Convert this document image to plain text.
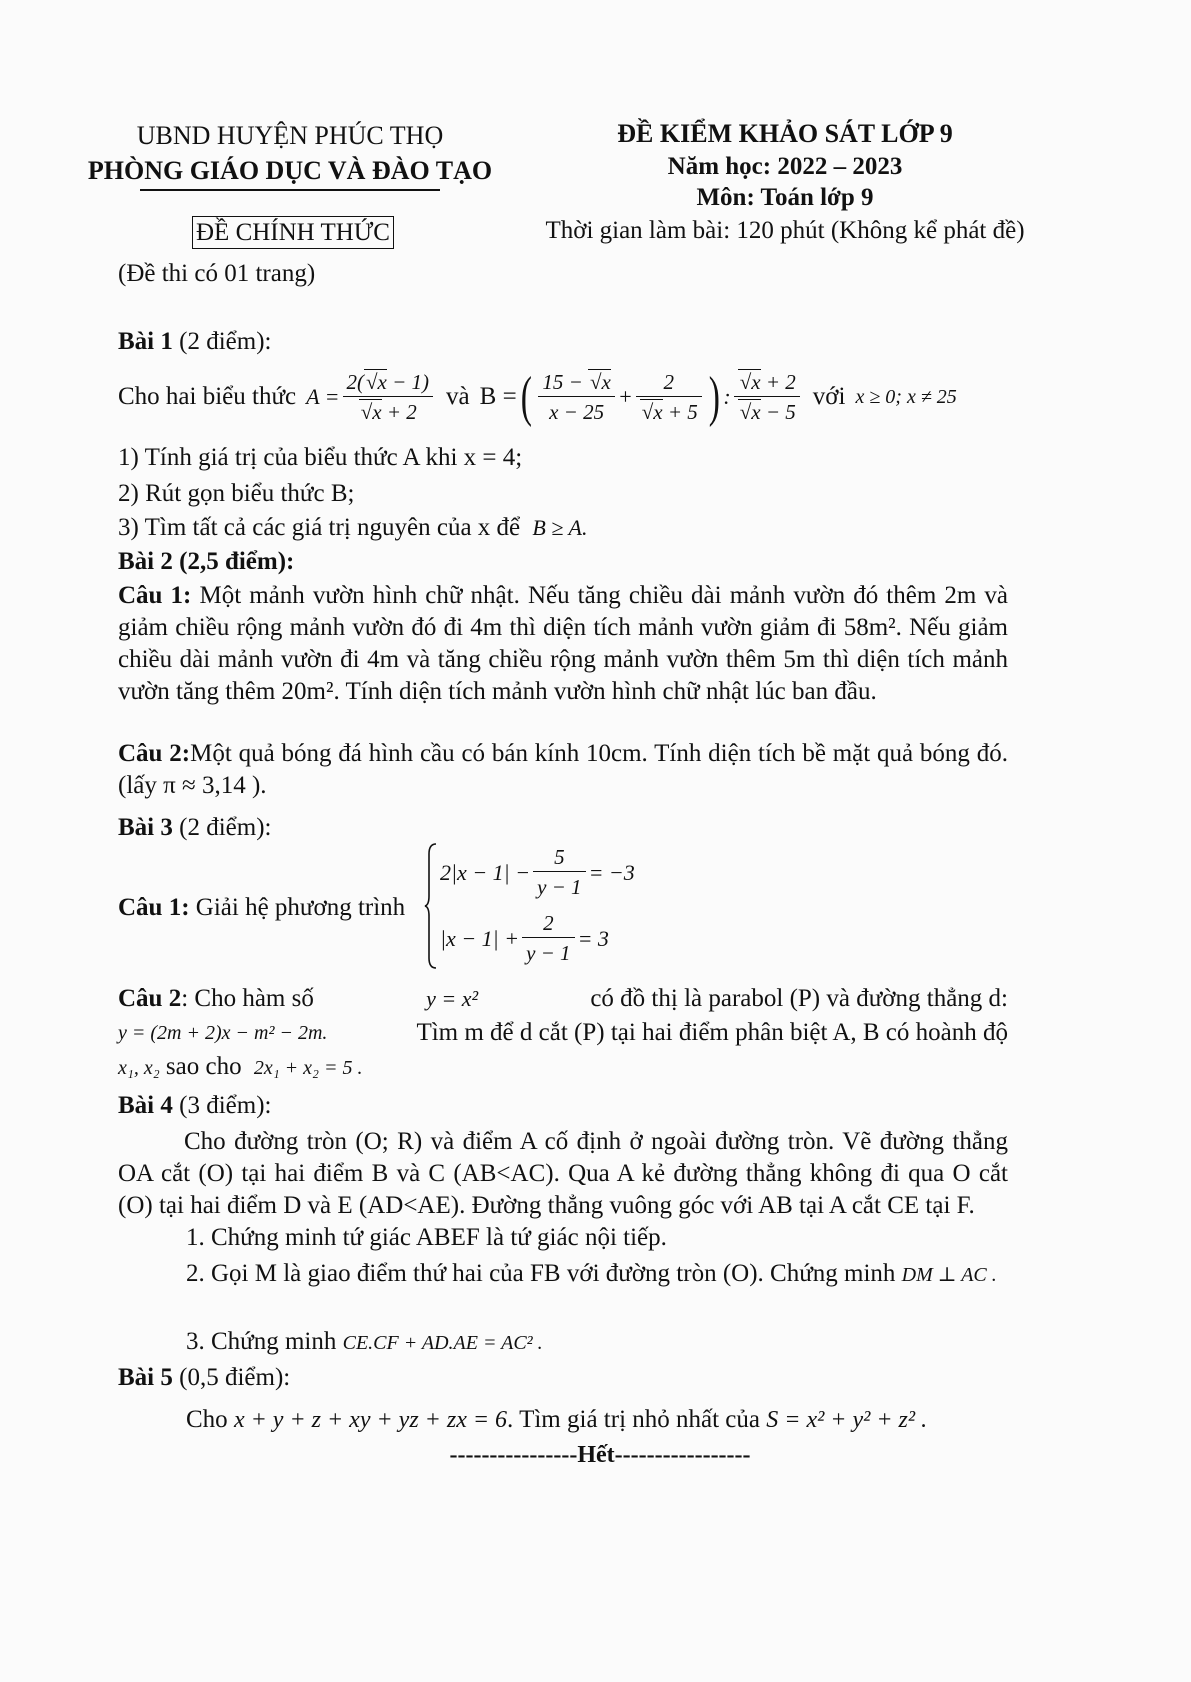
UBND HUYỆN PHÚC THỌ
PHÒNG GIÁO DỤC VÀ ĐÀO TẠO
ĐỀ CHÍNH THỨC
(Đề thi có 01 trang)
ĐỀ KIỂM KHẢO SÁT LỚP 9
Năm học: 2022 – 2023
Môn: Toán lớp 9
Thời gian làm bài: 120 phút (Không kể phát đề)
Bài 1 (2 điểm):
Cho hai biểu thức $A = \frac{2(√x - 1)}{√x + 2}$ và B = ( $\frac{15 - √x}{x - 25} + \frac{2}{√x + 5}$ ) : $\frac{√x + 2}{√x - 5}$ với x ≥ 0; x ≠ 25
1) Tính giá trị của biểu thức A khi x = 4;
2) Rút gọn biểu thức B;
3) Tìm tất cả các giá trị nguyên của x để B ≥ A.
Bài 2 (2,5 điểm):
Câu 1: Một mảnh vườn hình chữ nhật. Nếu tăng chiều dài mảnh vườn đó thêm 2m và giảm chiều rộng mảnh vườn đó đi 4m thì diện tích mảnh vườn giảm đi 58m². Nếu giảm chiều dài mảnh vườn đi 4m và tăng chiều rộng mảnh vườn thêm 5m thì diện tích mảnh vườn tăng thêm 20m². Tính diện tích mảnh vườn hình chữ nhật lúc ban đầu.
Câu 2:Một quả bóng đá hình cầu có bán kính 10cm. Tính diện tích bề mặt quả bóng đó. (lấy π ≈ 3,14 ).
Bài 3 (2 điểm):
Câu 1: Giải hệ phương trình
$2|x - 1| - \frac{5}{y - 1} = -3$
$|x - 1| + \frac{2}{y - 1} = 3$
Câu 2: Cho hàm số	y = x²	có đồ thị là parabol (P) và đường thẳng d:
y = (2m + 2)x − m² − 2m.	Tìm m để d cắt (P) tại hai điểm phân biệt A, B có hoành độ
x₁, x₂ sao cho 2x₁ + x₂ = 5 .
Bài 4 (3 điểm):
Cho đường tròn (O; R) và điểm A cố định ở ngoài đường tròn. Vẽ đường thẳng OA cắt (O) tại hai điểm B và C (AB<AC). Qua A kẻ đường thẳng không đi qua O cắt (O) tại hai điểm D và E (AD<AE). Đường thẳng vuông góc với AB tại A cắt CE tại F.
1. Chứng minh tứ giác ABEF là tứ giác nội tiếp.
2. Gọi M là giao điểm thứ hai của FB với đường tròn (O). Chứng minh DM ⊥ AC .
3. Chứng minh CE.CF + AD.AE = AC² .
Bài 5 (0,5 điểm):
Cho x + y + z + xy + yz + zx = 6. Tìm giá trị nhỏ nhất của S = x² + y² + z² .
----------------Hết-----------------
